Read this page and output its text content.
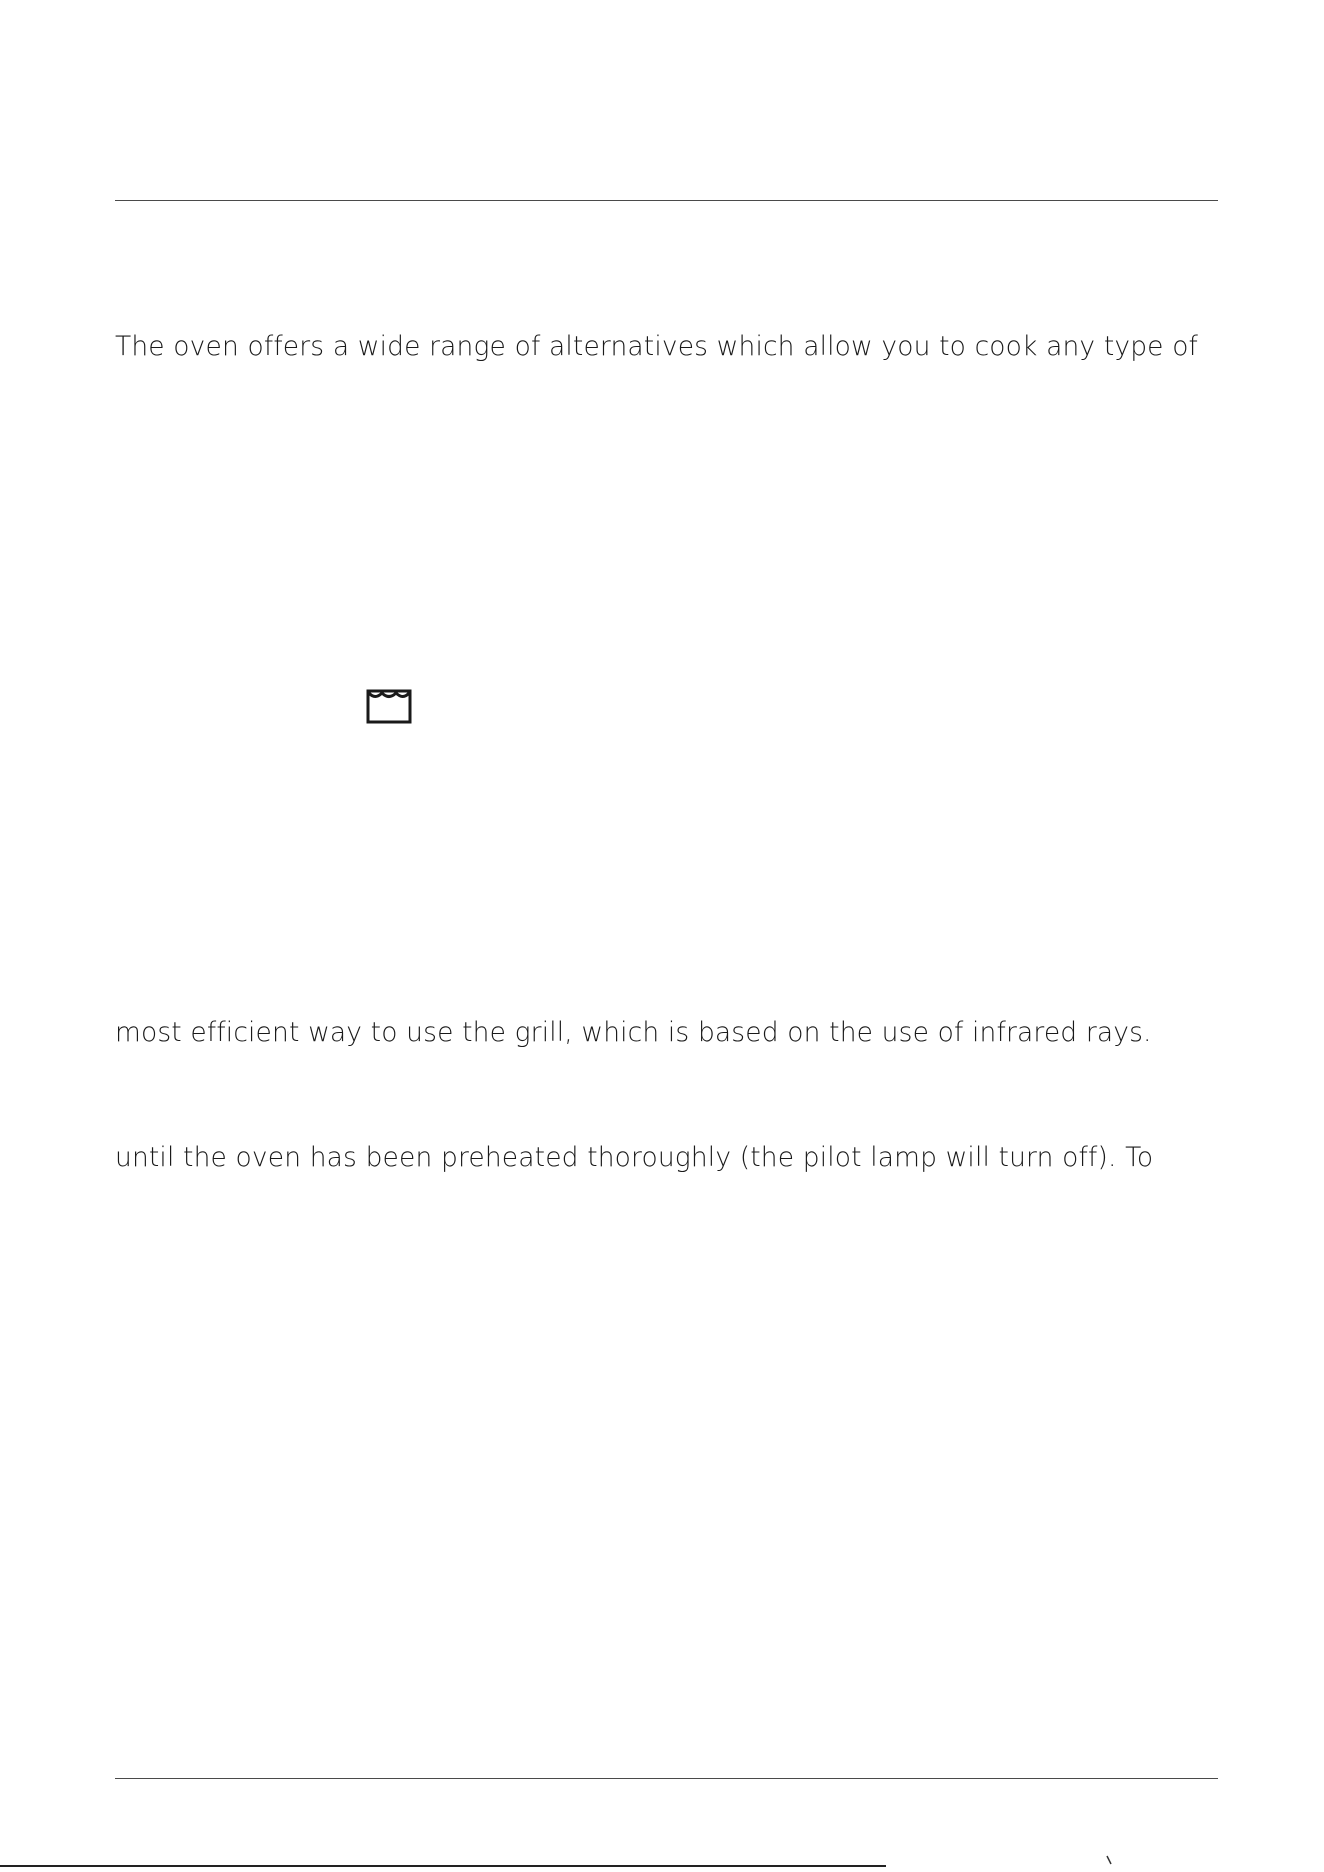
The oven offers a wide range of alternatives which allow you to cook any type of

most efficient way to use the grill, which is based on the use of infrared rays.

until the oven has been preheated thoroughly (the pilot lamp will turn off). To
